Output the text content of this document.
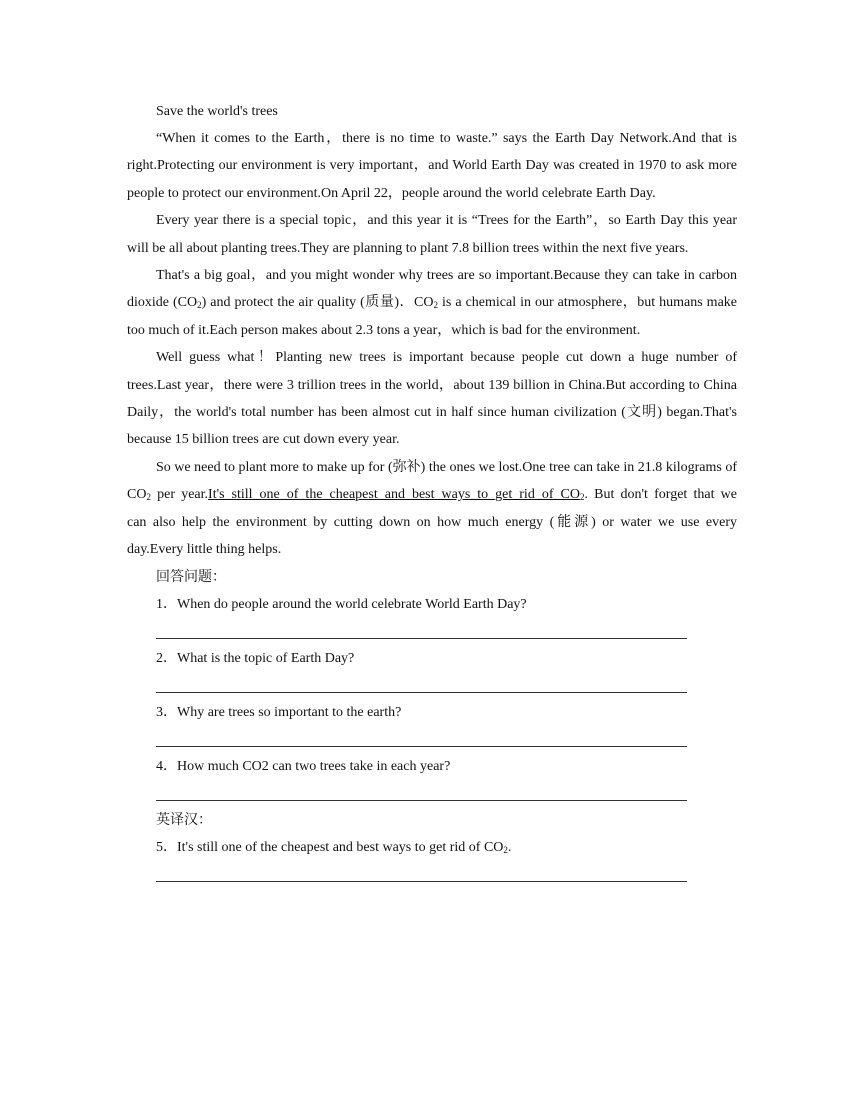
Save the world's trees

“When it comes to the Earth，there is no time to waste.” says the Earth Day Network.And that is right.Protecting our environment is very important，and World Earth Day was created in 1970 to ask more people to protect our environment.On April 22，people around the world celebrate Earth Day.

Every year there is a special topic，and this year it is “Trees for the Earth”，so Earth Day this year will be all about planting trees.They are planning to plant 7.8 billion trees within the next five years.

That's a big goal，and you might wonder why trees are so important.Because they can take in carbon dioxide $(CO_2)$ and protect the air quality (质量)．$CO_2$ is a chemical in our atmosphere，but humans make too much of it.Each person makes about 2.3 tons a year，which is bad for the environment.

Well guess what！Planting new trees is important because people cut down a huge number of trees.Last year，there were 3 trillion trees in the world，about 139 billion in China.But according to China Daily，the world's total number has been almost cut in half since human civilization (文明) began.That's because 15 billion trees are cut down every year.

So we need to plant more to make up for (弥补) the ones we lost.One tree can take in 21.8 kilograms of $CO_2$ per $year.It's\_still\_one\_of\_the\_cheapest\_and\_best\_ways\_to\_get\_rid\_of\_CO_2$. But don't forget that we can also help the environment by cutting down on how much energy (能源) or water we use every day.Every little thing helps.

回答问题：

1．When do people around the world celebrate World Earth Day?

2．What is the topic of Earth Day?

3．Why are trees so important to the earth?

4．How much CO2 can two trees take in each year?

英译汉：

5．It's still one of the cheapest and best ways to get rid of $CO_2$.
